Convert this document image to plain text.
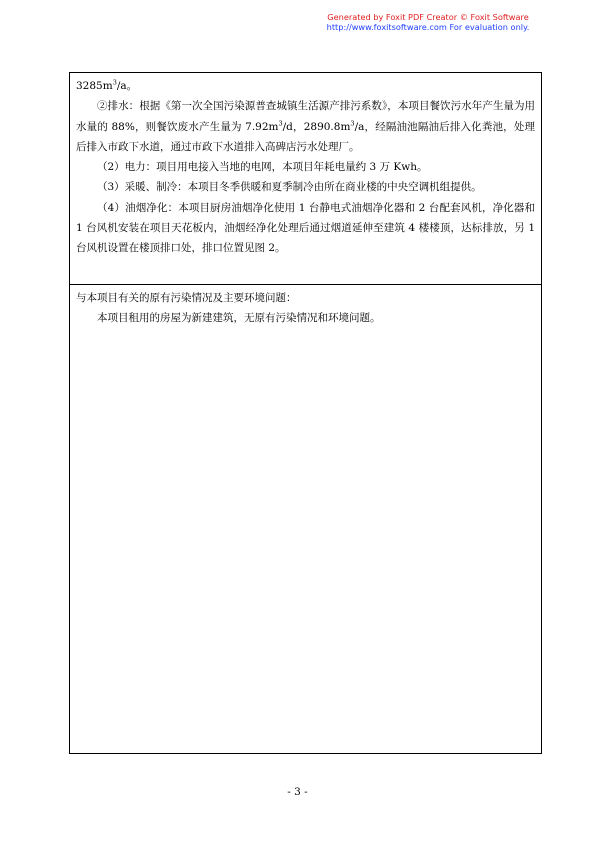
Generated by Foxit PDF Creator © Foxit Software
http://www.foxitsoftware.com For evaluation only.

$3285m^3/a$。

②排水：根据《第一次全国污染源普查城镇生活源产排污系数》，本项目餐饮污水年产生量为用水量的 88%，则餐饮废水产生量为 $7.92m^3/d$，$2890.8m^3/a$，经隔油池隔油后排入化粪池，处理后排入市政下水道，通过市政下水道排入高碑店污水处理厂。

（2）电力：项目用电接入当地的电网，本项目年耗电量约 3 万 Kwh。

（3）采暖、制冷：本项目冬季供暖和夏季制冷由所在商业楼的中央空调机组提供。

（4）油烟净化：本项目厨房油烟净化使用 1 台静电式油烟净化器和 2 台配套风机，净化器和 1 台风机安装在项目天花板内，油烟经净化处理后通过烟道延伸至建筑 4 楼楼顶，达标排放，另 1 台风机设置在楼顶排口处，排口位置见图 2。

与本项目有关的原有污染情况及主要环境问题：

本项目租用的房屋为新建建筑，无原有污染情况和环境问题。

- 3 -
